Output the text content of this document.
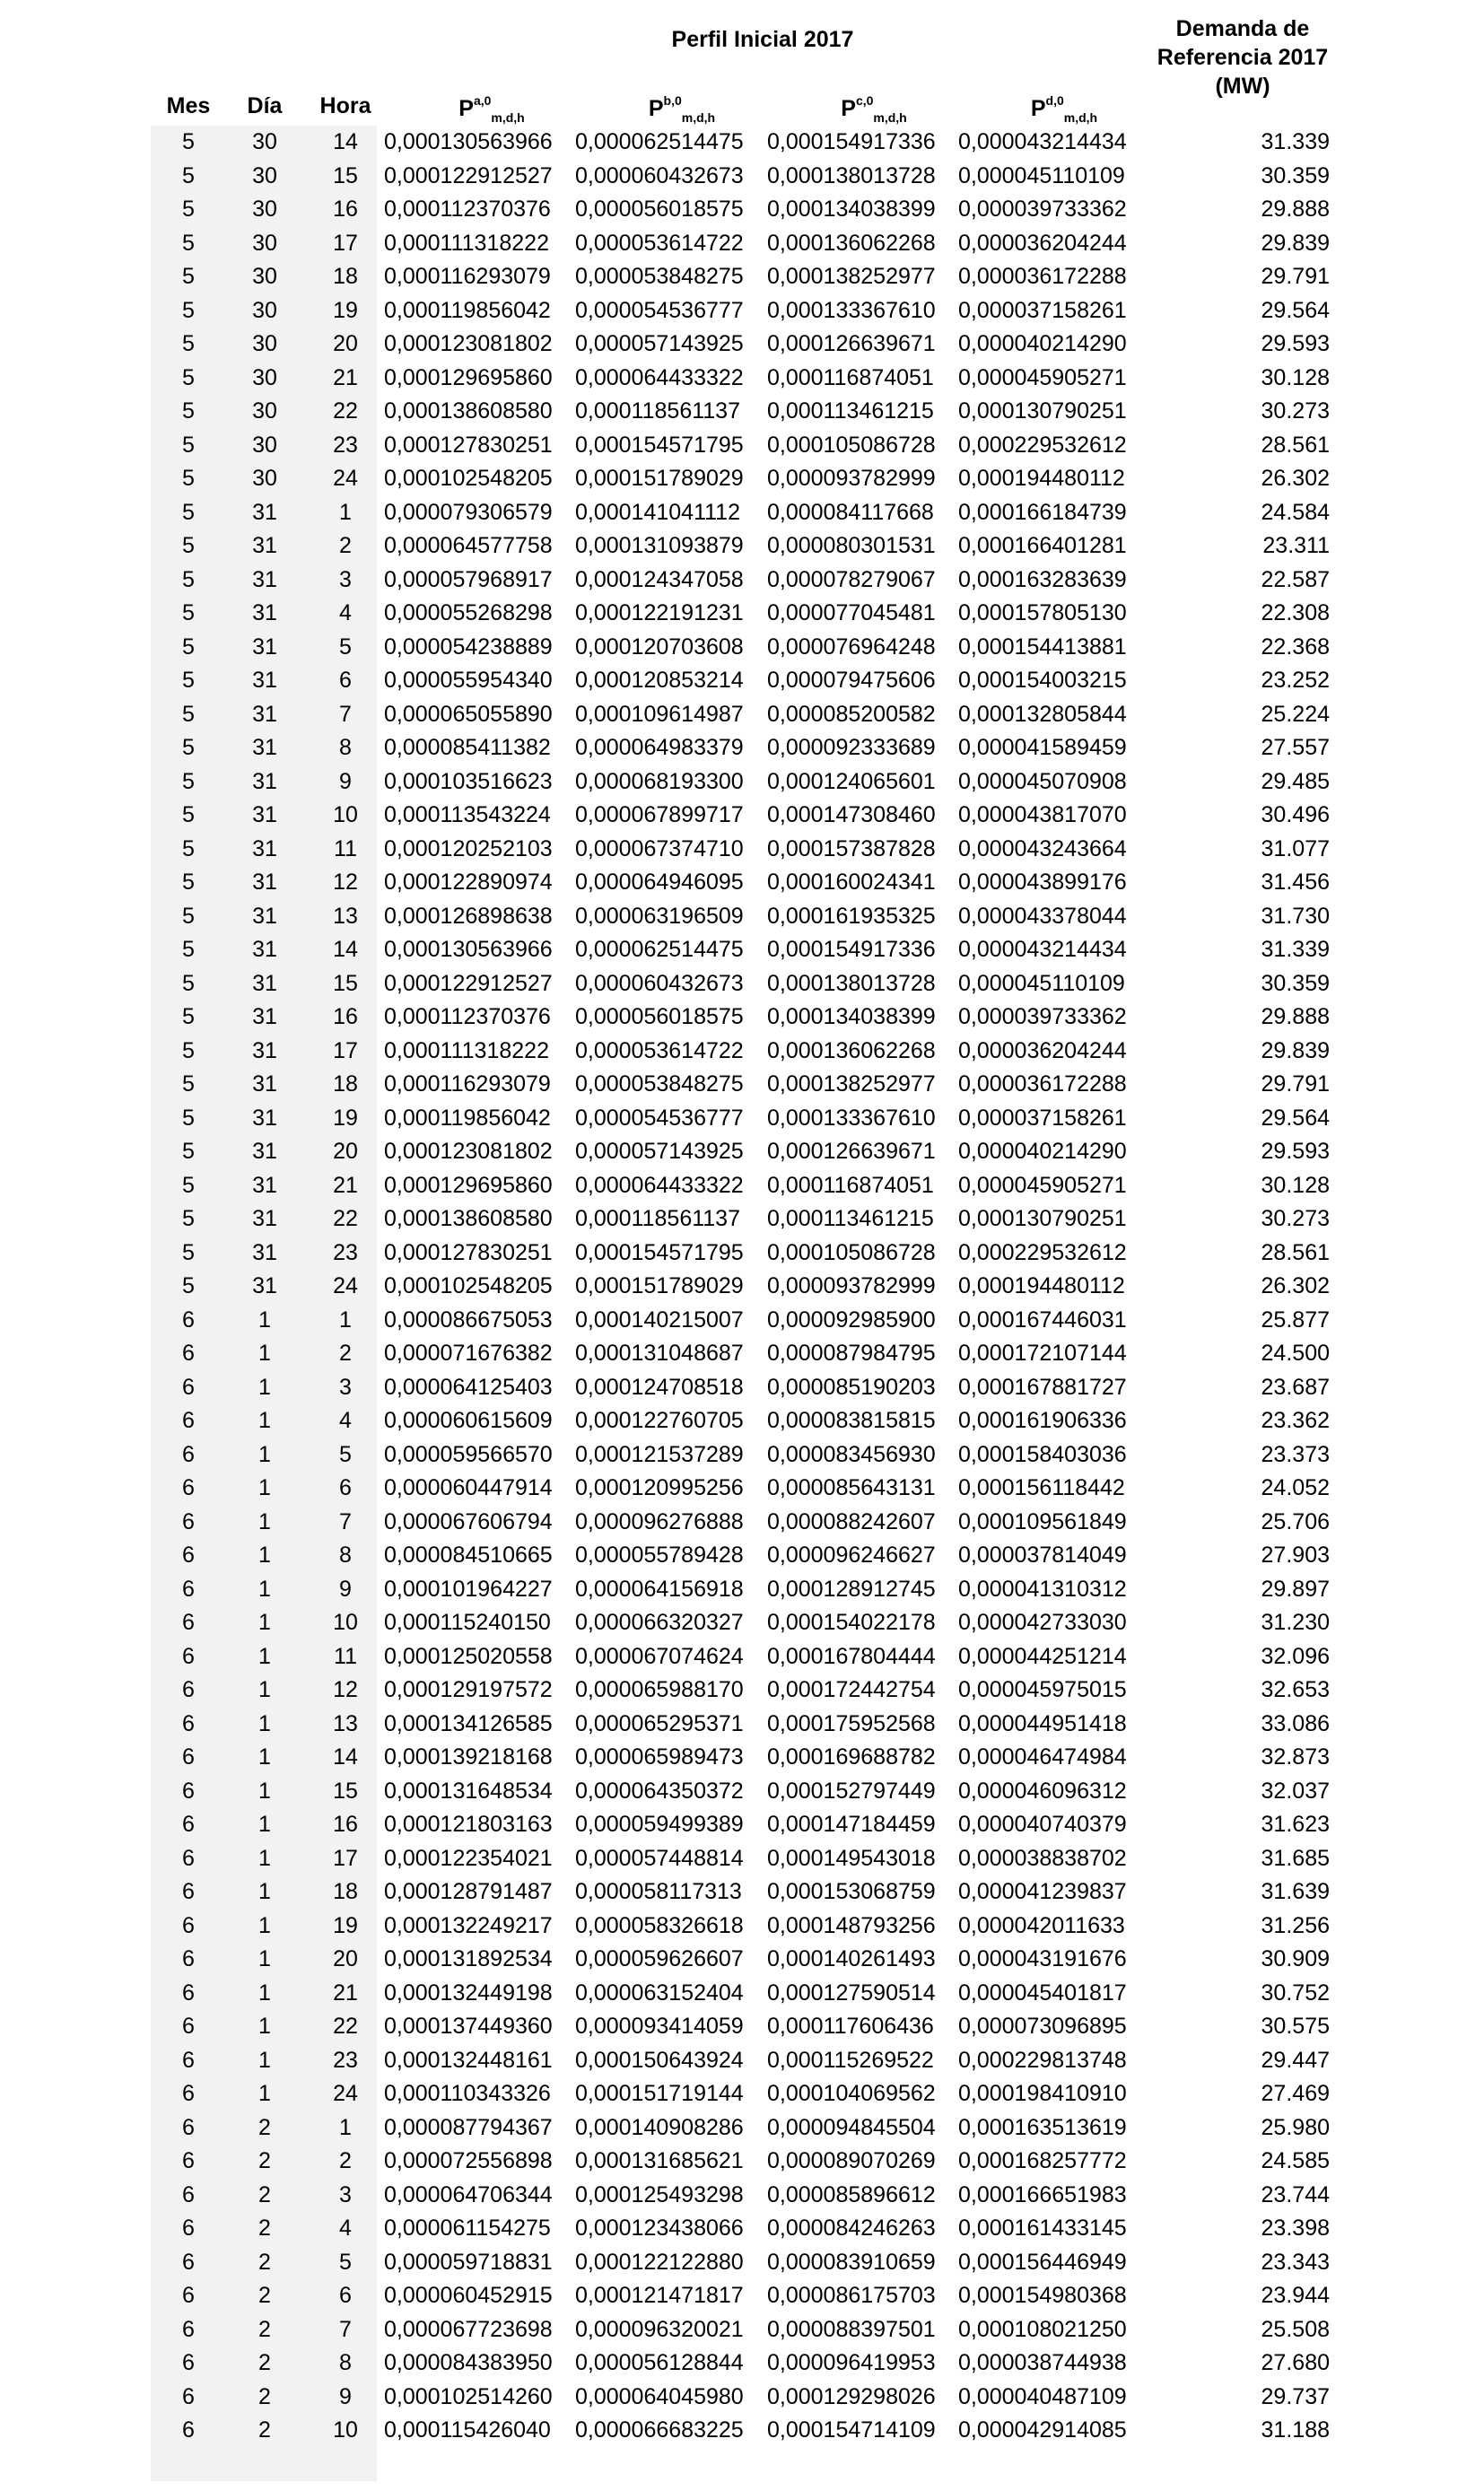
Perfil Inicial 2017	Demanda de
Referencia 2017
(MW)
Mes	Día	Hora	P$^{a,0}_{m,d,h}$	P$^{b,0}_{m,d,h}$	P$^{c,0}_{m,d,h}$	P$^{d,0}_{m,d,h}$
5	30	14	0,000130563966	0,000062514475	0,000154917336	0,000043214434	31.339
5	30	15	0,000122912527	0,000060432673	0,000138013728	0,000045110109	30.359
5	30	16	0,000112370376	0,000056018575	0,000134038399	0,000039733362	29.888
5	30	17	0,000111318222	0,000053614722	0,000136062268	0,000036204244	29.839
5	30	18	0,000116293079	0,000053848275	0,000138252977	0,000036172288	29.791
5	30	19	0,000119856042	0,000054536777	0,000133367610	0,000037158261	29.564
5	30	20	0,000123081802	0,000057143925	0,000126639671	0,000040214290	29.593
5	30	21	0,000129695860	0,000064433322	0,000116874051	0,000045905271	30.128
5	30	22	0,000138608580	0,000118561137	0,000113461215	0,000130790251	30.273
5	30	23	0,000127830251	0,000154571795	0,000105086728	0,000229532612	28.561
5	30	24	0,000102548205	0,000151789029	0,000093782999	0,000194480112	26.302
5	31	1	0,000079306579	0,000141041112	0,000084117668	0,000166184739	24.584
5	31	2	0,000064577758	0,000131093879	0,000080301531	0,000166401281	23.311
5	31	3	0,000057968917	0,000124347058	0,000078279067	0,000163283639	22.587
5	31	4	0,000055268298	0,000122191231	0,000077045481	0,000157805130	22.308
5	31	5	0,000054238889	0,000120703608	0,000076964248	0,000154413881	22.368
5	31	6	0,000055954340	0,000120853214	0,000079475606	0,000154003215	23.252
5	31	7	0,000065055890	0,000109614987	0,000085200582	0,000132805844	25.224
5	31	8	0,000085411382	0,000064983379	0,000092333689	0,000041589459	27.557
5	31	9	0,000103516623	0,000068193300	0,000124065601	0,000045070908	29.485
5	31	10	0,000113543224	0,000067899717	0,000147308460	0,000043817070	30.496
5	31	11	0,000120252103	0,000067374710	0,000157387828	0,000043243664	31.077
5	31	12	0,000122890974	0,000064946095	0,000160024341	0,000043899176	31.456
5	31	13	0,000126898638	0,000063196509	0,000161935325	0,000043378044	31.730
5	31	14	0,000130563966	0,000062514475	0,000154917336	0,000043214434	31.339
5	31	15	0,000122912527	0,000060432673	0,000138013728	0,000045110109	30.359
5	31	16	0,000112370376	0,000056018575	0,000134038399	0,000039733362	29.888
5	31	17	0,000111318222	0,000053614722	0,000136062268	0,000036204244	29.839
5	31	18	0,000116293079	0,000053848275	0,000138252977	0,000036172288	29.791
5	31	19	0,000119856042	0,000054536777	0,000133367610	0,000037158261	29.564
5	31	20	0,000123081802	0,000057143925	0,000126639671	0,000040214290	29.593
5	31	21	0,000129695860	0,000064433322	0,000116874051	0,000045905271	30.128
5	31	22	0,000138608580	0,000118561137	0,000113461215	0,000130790251	30.273
5	31	23	0,000127830251	0,000154571795	0,000105086728	0,000229532612	28.561
5	31	24	0,000102548205	0,000151789029	0,000093782999	0,000194480112	26.302
6	1	1	0,000086675053	0,000140215007	0,000092985900	0,000167446031	25.877
6	1	2	0,000071676382	0,000131048687	0,000087984795	0,000172107144	24.500
6	1	3	0,000064125403	0,000124708518	0,000085190203	0,000167881727	23.687
6	1	4	0,000060615609	0,000122760705	0,000083815815	0,000161906336	23.362
6	1	5	0,000059566570	0,000121537289	0,000083456930	0,000158403036	23.373
6	1	6	0,000060447914	0,000120995256	0,000085643131	0,000156118442	24.052
6	1	7	0,000067606794	0,000096276888	0,000088242607	0,000109561849	25.706
6	1	8	0,000084510665	0,000055789428	0,000096246627	0,000037814049	27.903
6	1	9	0,000101964227	0,000064156918	0,000128912745	0,000041310312	29.897
6	1	10	0,000115240150	0,000066320327	0,000154022178	0,000042733030	31.230
6	1	11	0,000125020558	0,000067074624	0,000167804444	0,000044251214	32.096
6	1	12	0,000129197572	0,000065988170	0,000172442754	0,000045975015	32.653
6	1	13	0,000134126585	0,000065295371	0,000175952568	0,000044951418	33.086
6	1	14	0,000139218168	0,000065989473	0,000169688782	0,000046474984	32.873
6	1	15	0,000131648534	0,000064350372	0,000152797449	0,000046096312	32.037
6	1	16	0,000121803163	0,000059499389	0,000147184459	0,000040740379	31.623
6	1	17	0,000122354021	0,000057448814	0,000149543018	0,000038838702	31.685
6	1	18	0,000128791487	0,000058117313	0,000153068759	0,000041239837	31.639
6	1	19	0,000132249217	0,000058326618	0,000148793256	0,000042011633	31.256
6	1	20	0,000131892534	0,000059626607	0,000140261493	0,000043191676	30.909
6	1	21	0,000132449198	0,000063152404	0,000127590514	0,000045401817	30.752
6	1	22	0,000137449360	0,000093414059	0,000117606436	0,000073096895	30.575
6	1	23	0,000132448161	0,000150643924	0,000115269522	0,000229813748	29.447
6	1	24	0,000110343326	0,000151719144	0,000104069562	0,000198410910	27.469
6	2	1	0,000087794367	0,000140908286	0,000094845504	0,000163513619	25.980
6	2	2	0,000072556898	0,000131685621	0,000089070269	0,000168257772	24.585
6	2	3	0,000064706344	0,000125493298	0,000085896612	0,000166651983	23.744
6	2	4	0,000061154275	0,000123438066	0,000084246263	0,000161433145	23.398
6	2	5	0,000059718831	0,000122122880	0,000083910659	0,000156446949	23.343
6	2	6	0,000060452915	0,000121471817	0,000086175703	0,000154980368	23.944
6	2	7	0,000067723698	0,000096320021	0,000088397501	0,000108021250	25.508
6	2	8	0,000084383950	0,000056128844	0,000096419953	0,000038744938	27.680
6	2	9	0,000102514260	0,000064045980	0,000129298026	0,000040487109	29.737
6	2	10	0,000115426040	0,000066683225	0,000154714109	0,000042914085	31.188
